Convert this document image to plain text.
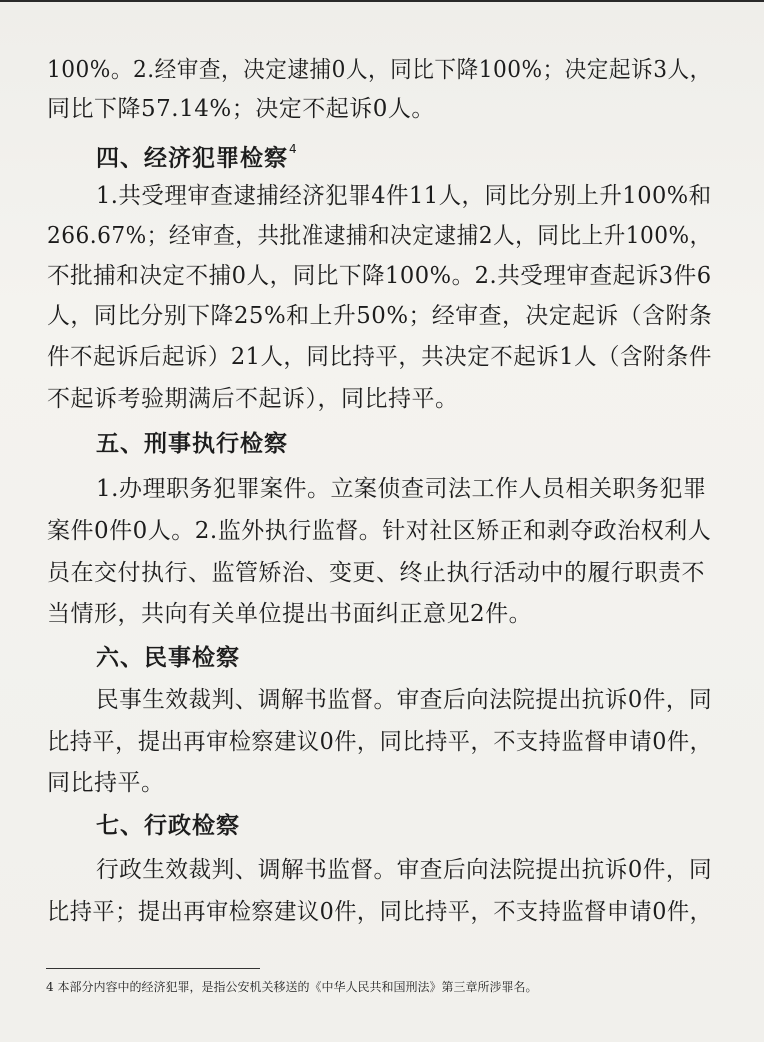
100%。2.经审查，决定逮捕0人，同比下降100%；决定起诉3人，
同比下降57.14%；决定不起诉0人。
四、经济犯罪检察$^4$
1.共受理审查逮捕经济犯罪4件11人，同比分别上升100%和
266.67%；经审查，共批准逮捕和决定逮捕2人，同比上升100%，
不批捕和决定不捕0人，同比下降100%。2.共受理审查起诉3件6
人，同比分别下降25%和上升50%；经审查，决定起诉（含附条
件不起诉后起诉）21人，同比持平，共决定不起诉1人（含附条件
不起诉考验期满后不起诉），同比持平。
五、刑事执行检察
1.办理职务犯罪案件。立案侦查司法工作人员相关职务犯罪
案件0件0人。2.监外执行监督。针对社区矫正和剥夺政治权利人
员在交付执行、监管矫治、变更、终止执行活动中的履行职责不
当情形，共向有关单位提出书面纠正意见2件。
六、民事检察
民事生效裁判、调解书监督。审查后向法院提出抗诉0件，同
比持平，提出再审检察建议0件，同比持平，不支持监督申请0件，
同比持平。
七、行政检察
行政生效裁判、调解书监督。审查后向法院提出抗诉0件，同
比持平；提出再审检察建议0件，同比持平，不支持监督申请0件，
4 本部分内容中的经济犯罪，是指公安机关移送的《中华人民共和国刑法》第三章所涉罪名。
